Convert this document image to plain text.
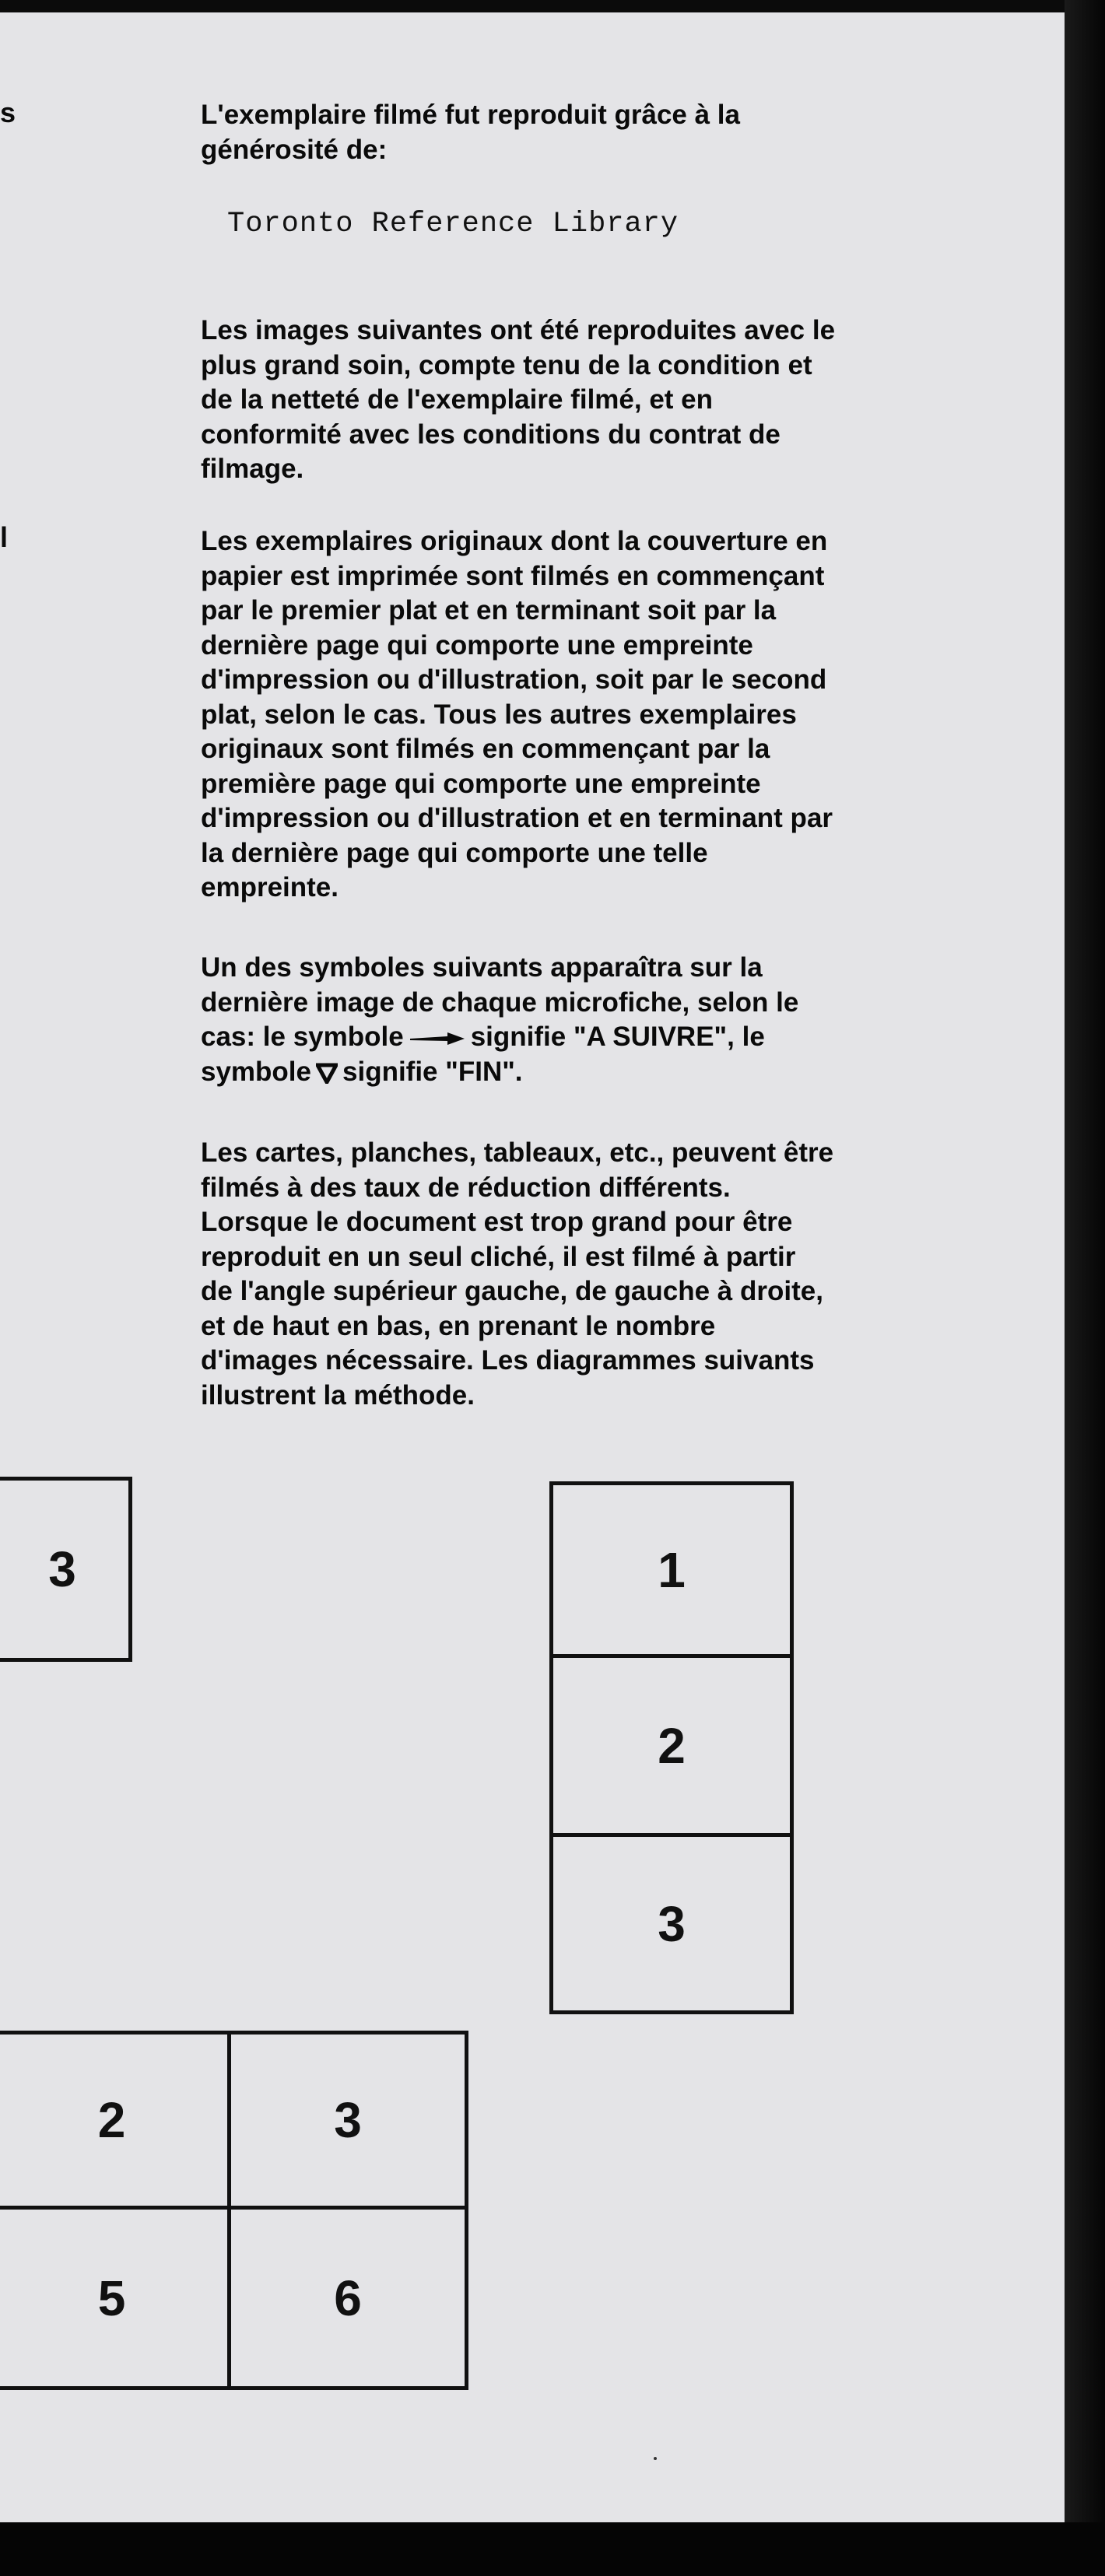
s
l

L'exemplaire filmé fut reproduit grâce à la
générosité de:

Toronto Reference Library

Les images suivantes ont été reproduites avec le
plus grand soin, compte tenu de la condition et
de la netteté de l'exemplaire filmé, et en
conformité avec les conditions du contrat de
filmage.

Les exemplaires originaux dont la couverture en
papier est imprimée sont filmés en commençant
par le premier plat et en terminant soit par la
dernière page qui comporte une empreinte
d'impression ou d'illustration, soit par le second
plat, selon le cas. Tous les autres exemplaires
originaux sont filmés en commençant par la
première page qui comporte une empreinte
d'impression ou d'illustration et en terminant par
la dernière page qui comporte une telle
empreinte.

Un des symboles suivants apparaîtra sur la
dernière image de chaque microfiche, selon le
cas: le symbole signifie "A SUIVRE", le
symbole signifie "FIN".

Les cartes, planches, tableaux, etc., peuvent être
filmés à des taux de réduction différents.
Lorsque le document est trop grand pour être
reproduit en un seul cliché, il est filmé à partir
de l'angle supérieur gauche, de gauche à droite,
et de haut en bas, en prenant le nombre
d'images nécessaire. Les diagrammes suivants
illustrent la méthode.

3	1
2
3
2	3
5	6
